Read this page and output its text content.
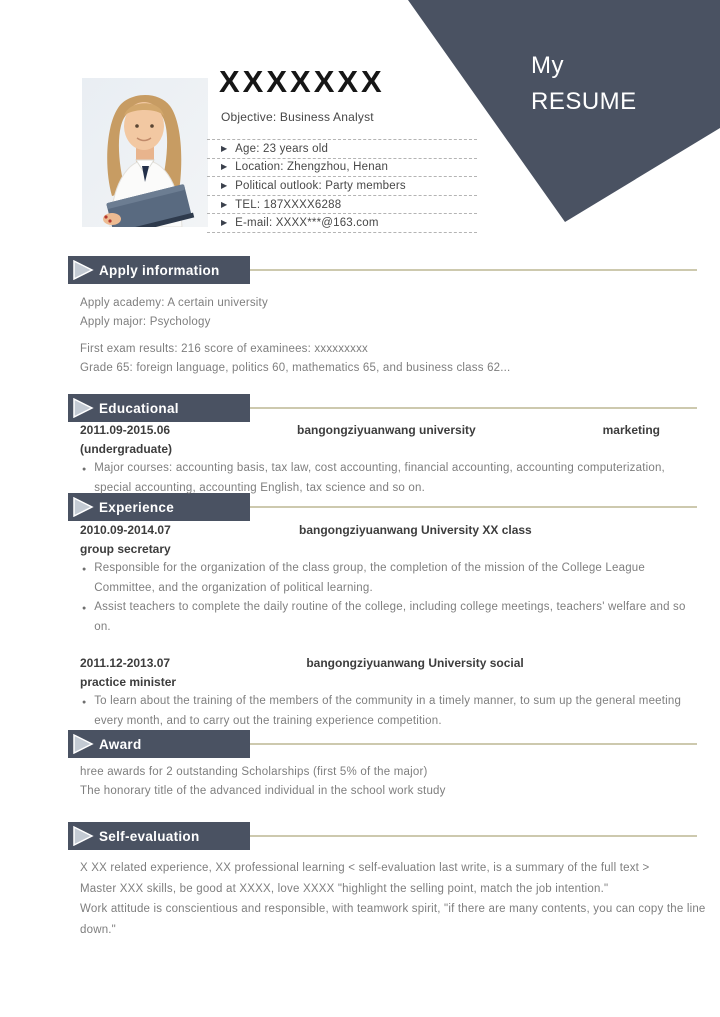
My
RESUME
XXXXXXX
Objective: Business Analyst
▶ Age: 23 years old
▶ Location: Zhengzhou, Henan
▶ Political outlook: Party members
▶ TEL: 187XXXX6288
▶ E-mail: XXXX***@163.com
Apply information
Educational
Experience
Award
Self-evaluation
Apply academy: A certain university
Apply major: Psychology
First exam results: 216 score of examinees: xxxxxxxxx
Grade 65: foreign language, politics 60, mathematics 65, and business class 62...
2011.09-2015.06	bangongziyuanwang university	marketing
(undergraduate)
● Major courses: accounting basis, tax law, cost accounting, financial accounting, accounting computerization, special accounting, accounting English, tax science and so on.
2010.09-2014.07	bangongziyuanwang University XX class
group secretary
● Responsible for the organization of the class group, the completion of the mission of the College League Committee, and the organization of political learning.
● Assist teachers to complete the daily routine of the college, including college meetings, teachers' welfare and so on.
2011.12-2013.07	bangongziyuanwang University social
practice minister
● To learn about the training of the members of the community in a timely manner, to sum up the general meeting every month, and to carry out the training experience competition.
hree awards for 2 outstanding Scholarships (first 5% of the major)
The honorary title of the advanced individual in the school work study
X XX related experience, XX professional learning < self-evaluation last write, is a summary of the full text >
Master XXX skills, be good at XXXX, love XXXX "highlight the selling point, match the job intention."
Work attitude is conscientious and responsible, with teamwork spirit, "if there are many contents, you can copy the line down."
